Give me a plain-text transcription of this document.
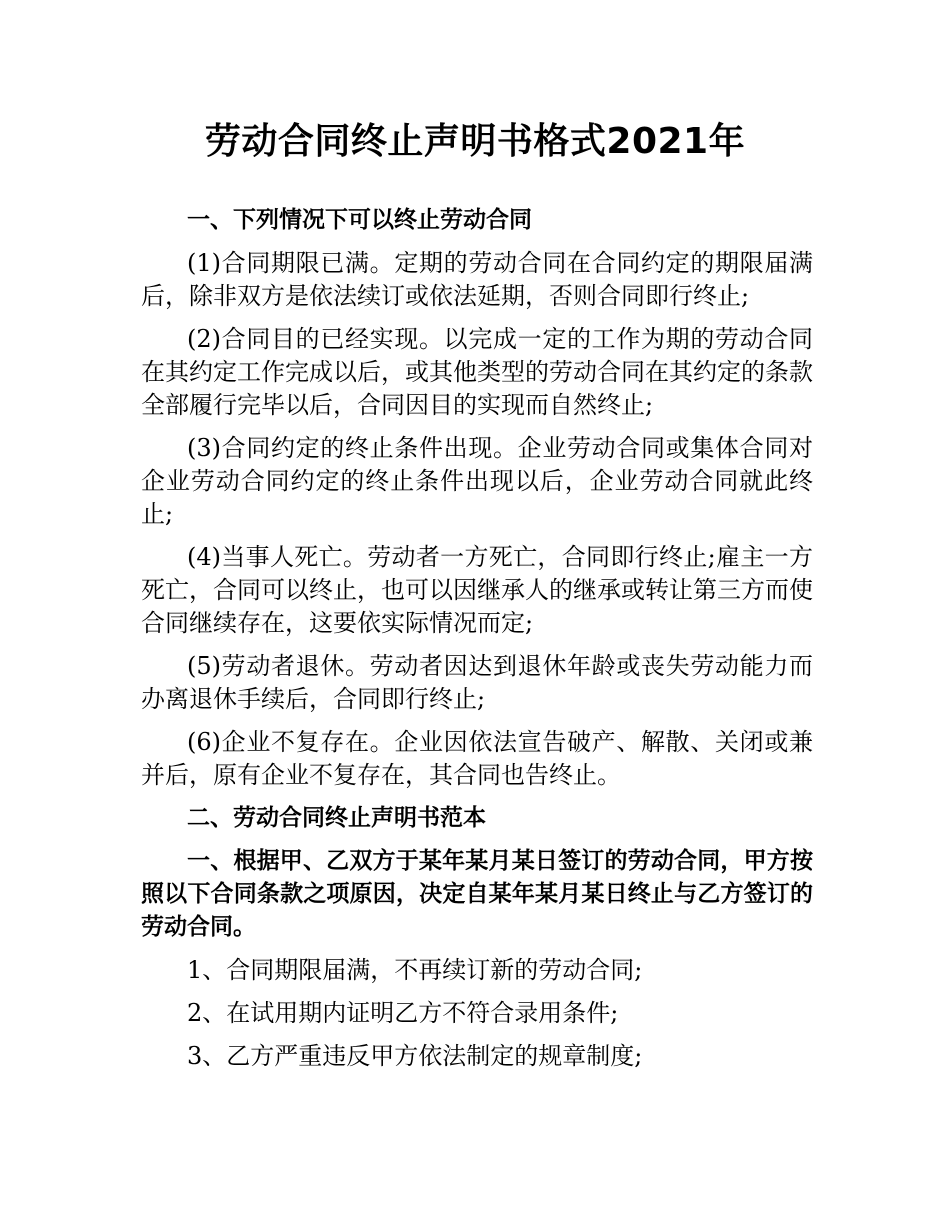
劳动合同终止声明书格式2021年

一、下列情况下可以终止劳动合同

(1)合同期限已满。定期的劳动合同在合同约定的期限届满后，除非双方是依法续订或依法延期，否则合同即行终止;

(2)合同目的已经实现。以完成一定的工作为期的劳动合同在其约定工作完成以后，或其他类型的劳动合同在其约定的条款全部履行完毕以后，合同因目的实现而自然终止;

(3)合同约定的终止条件出现。企业劳动合同或集体合同对企业劳动合同约定的终止条件出现以后，企业劳动合同就此终止;

(4)当事人死亡。劳动者一方死亡，合同即行终止;雇主一方死亡，合同可以终止，也可以因继承人的继承或转让第三方而使合同继续存在，这要依实际情况而定;

(5)劳动者退休。劳动者因达到退休年龄或丧失劳动能力而办离退休手续后，合同即行终止;

(6)企业不复存在。企业因依法宣告破产、解散、关闭或兼并后，原有企业不复存在，其合同也告终止。

二、劳动合同终止声明书范本

一、根据甲、乙双方于某年某月某日签订的劳动合同，甲方按照以下合同条款之项原因，决定自某年某月某日终止与乙方签订的劳动合同。

1、合同期限届满，不再续订新的劳动合同;

2、在试用期内证明乙方不符合录用条件;

3、乙方严重违反甲方依法制定的规章制度;
